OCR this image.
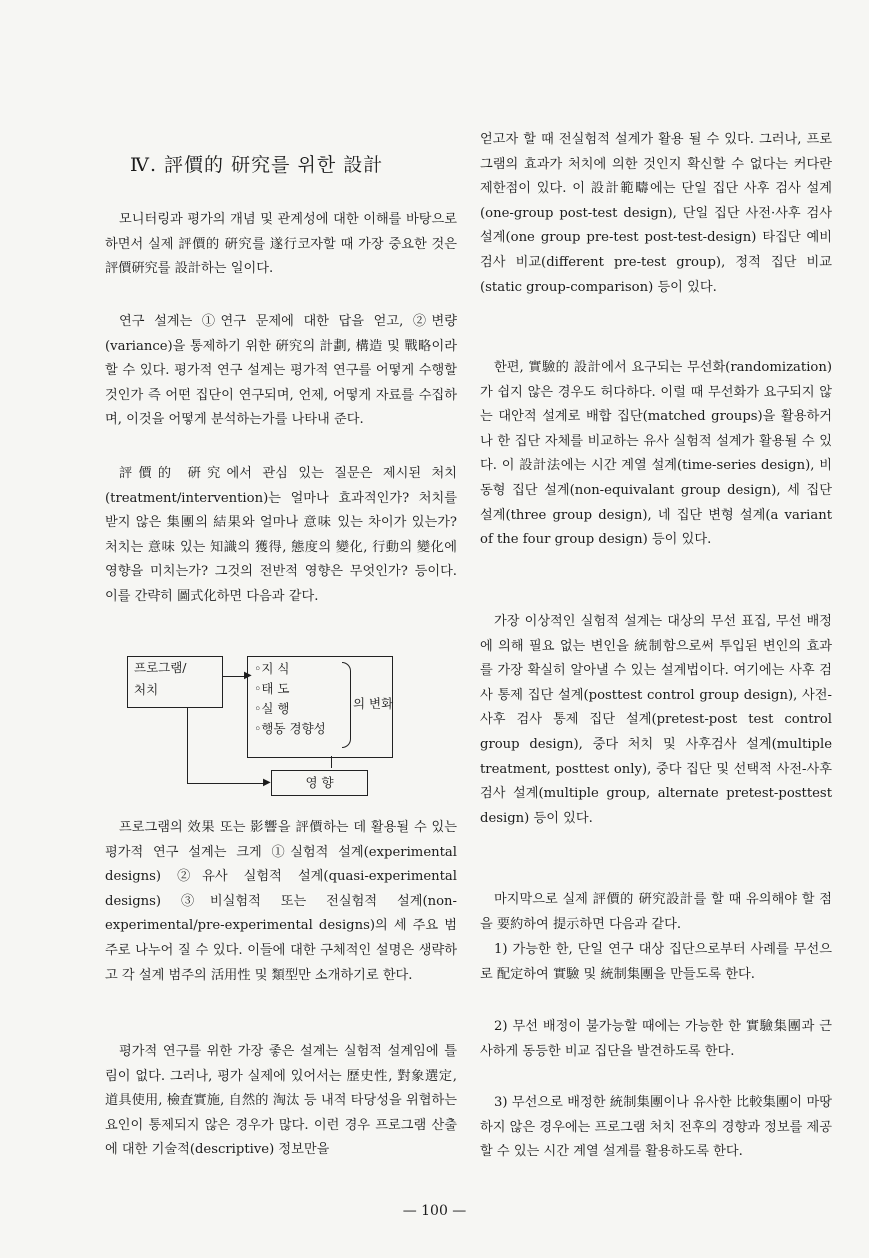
Ⅳ. 評價的 研究를 위한 設計

모니터링과 평가의 개념 및 관계성에 대한 이해를 바탕으로 하면서 실제 評價的 硏究를 遂行코자할 때 가장 중요한 것은 評價硏究를 設計하는 일이다.

연구 설계는 ①연구 문제에 대한 답을 얻고, ②변량(variance)을 통제하기 위한 硏究의 計劃, 構造 및 戰略이라 할 수 있다. 평가적 연구 설계는 평가적 연구를 어떻게 수행할 것인가 즉 어떤 집단이 연구되며, 언제, 어떻게 자료를 수집하며, 이것을 어떻게 분석하는가를 나타내 준다.

評價的 硏究에서 관심 있는 질문은 제시된 처치(treatment/intervention)는 얼마나 효과적인가? 처치를 받지 않은 集團의 結果와 얼마나 意味 있는 차이가 있는가? 처치는 意味 있는 知識의 獲得, 態度의 變化, 行動의 變化에 영향을 미치는가? 그것의 전반적 영향은 무엇인가? 등이다. 이를 간략히 圖式化하면 다음과 같다.

프로그램/
처치
▶ ◦지 식
◦태 도
◦실 행
◦행동 경향성
의 변화
▶	영 향

프로그램의 效果 또는 影響을 評價하는 데 활용될 수 있는 평가적 연구 설계는 크게 ①실험적 설계(experimental designs) ②유사 실험적 설계(quasi-experimental designs) ③비실험적 또는 전실험적 설계(non-experimental/pre-experimental designs)의 세 주요 범주로 나누어 질 수 있다. 이들에 대한 구체적인 설명은 생략하고 각 설계 범주의 活用性 및 類型만 소개하기로 한다.

평가적 연구를 위한 가장 좋은 설계는 실험적 설계임에 틀림이 없다. 그러나, 평가 실제에 있어서는 歷史性, 對象選定, 道具使用, 檢査實施, 自然的 淘汰 등 내적 타당성을 위협하는 요인이 통제되지 않은 경우가 많다. 이런 경우 프로그램 산출에 대한 기술적(descriptive) 정보만을

얻고자 할 때 전실험적 설계가 활용 될 수 있다. 그러나, 프로그램의 효과가 처치에 의한 것인지 확신할 수 없다는 커다란 제한점이 있다. 이 設計範疇에는 단일 집단 사후 검사 설계(one-group post-test design), 단일 집단 사전·사후 검사 설계(one group pre-test post-test-design) 타집단 예비 검사 비교(different pre-test group), 정적 집단 비교(static group-comparison) 등이 있다.

한편, 實驗的 設計에서 요구되는 무선화(randomization)가 쉽지 않은 경우도 허다하다. 이럴 때 무선화가 요구되지 않는 대안적 설계로 배합 집단(matched groups)을 활용하거나 한 집단 자체를 비교하는 유사 실험적 설계가 활용될 수 있다. 이 設計法에는 시간 계열 설계(time-series design), 비동형 집단 설계(non-equivalant group design), 세 집단 설계(three group design), 네 집단 변형 설계(a variant of the four group design) 등이 있다.

가장 이상적인 실험적 설계는 대상의 무선 표집, 무선 배정에 의해 필요 없는 변인을 統制함으로써 투입된 변인의 효과를 가장 확실히 알아낼 수 있는 설계법이다. 여기에는 사후 검사 통제 집단 설계(posttest control group design), 사전-사후 검사 통제 집단 설계(pretest-post test control group design), 중다 처치 및 사후검사 설계(multiple treatment, posttest only), 중다 집단 및 선택적 사전-사후 검사 설계(multiple group, alternate pretest-posttest design) 등이 있다.

마지막으로 실제 評價的 硏究設計를 할 때 유의해야 할 점을 要約하여 提示하면 다음과 같다.

1) 가능한 한, 단일 연구 대상 집단으로부터 사례를 무선으로 配定하여 實驗 및 統制集團을 만들도록 한다.

2) 무선 배정이 불가능할 때에는 가능한 한 實驗集團과 근사하게 동등한 비교 집단을 발견하도록 한다.

3) 무선으로 배정한 統制集團이나 유사한 比較集團이 마땅하지 않은 경우에는 프로그램 처치 전후의 경향과 정보를 제공할 수 있는 시간 계열 설계를 활용하도록 한다.

— 100 —
